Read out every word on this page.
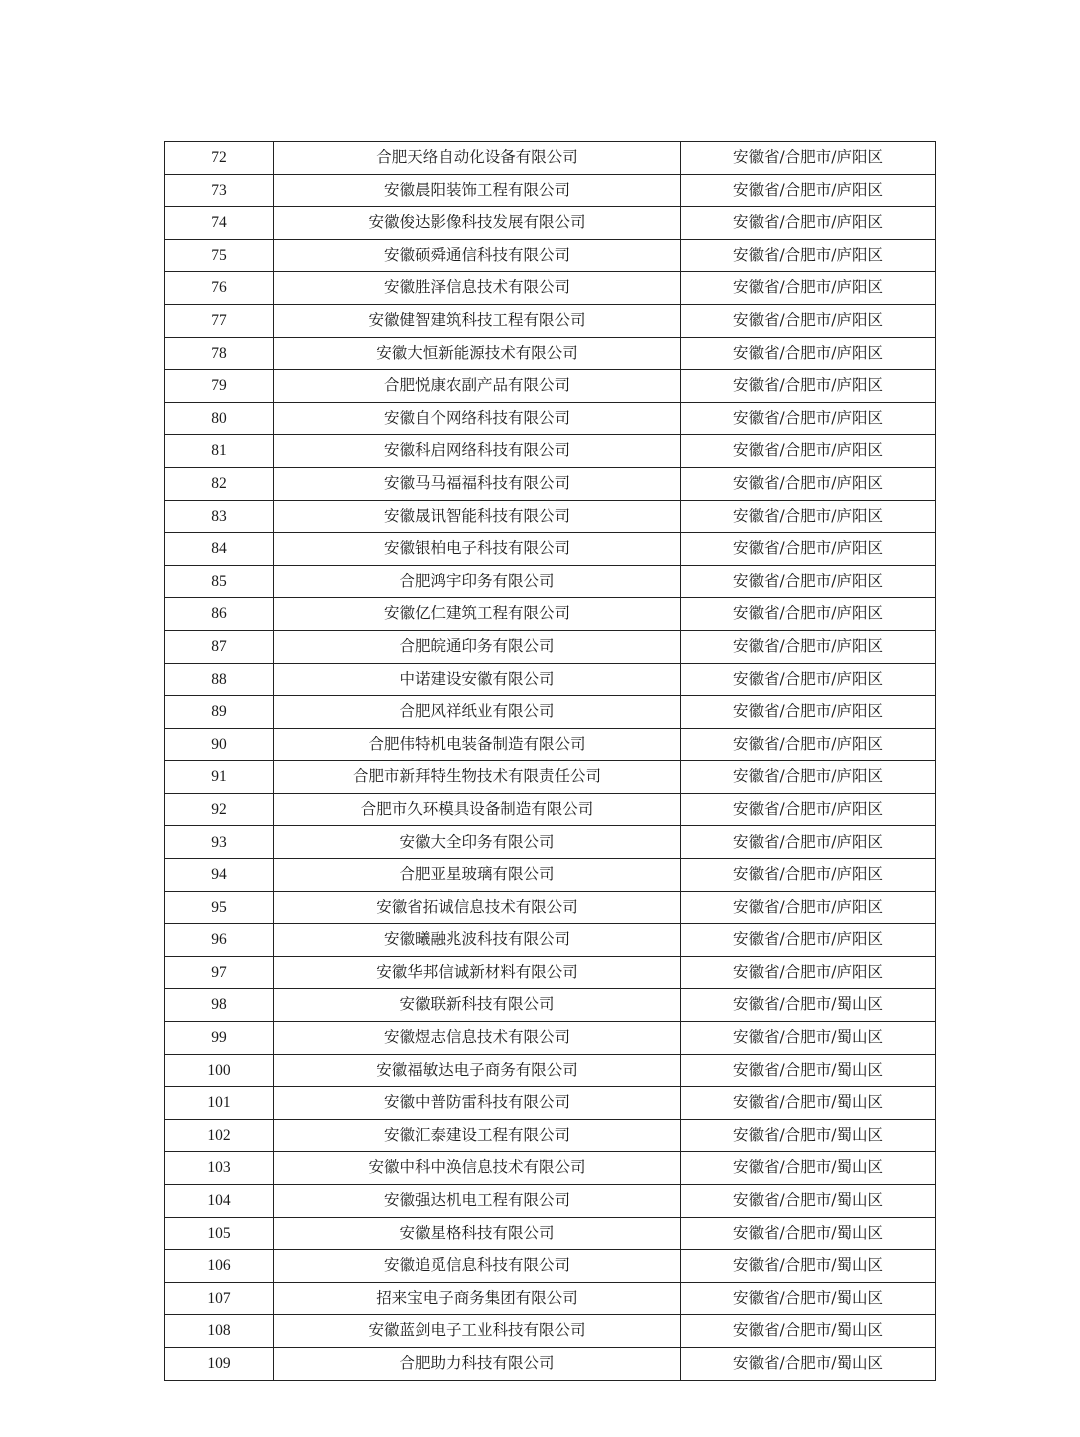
72	合肥天络自动化设备有限公司	安徽省/合肥市/庐阳区
73	安徽晨阳装饰工程有限公司	安徽省/合肥市/庐阳区
74	安徽俊达影像科技发展有限公司	安徽省/合肥市/庐阳区
75	安徽硕舜通信科技有限公司	安徽省/合肥市/庐阳区
76	安徽胜泽信息技术有限公司	安徽省/合肥市/庐阳区
77	安徽健智建筑科技工程有限公司	安徽省/合肥市/庐阳区
78	安徽大恒新能源技术有限公司	安徽省/合肥市/庐阳区
79	合肥悦康农副产品有限公司	安徽省/合肥市/庐阳区
80	安徽自个网络科技有限公司	安徽省/合肥市/庐阳区
81	安徽科启网络科技有限公司	安徽省/合肥市/庐阳区
82	安徽马马福福科技有限公司	安徽省/合肥市/庐阳区
83	安徽晟讯智能科技有限公司	安徽省/合肥市/庐阳区
84	安徽银柏电子科技有限公司	安徽省/合肥市/庐阳区
85	合肥鸿宇印务有限公司	安徽省/合肥市/庐阳区
86	安徽亿仁建筑工程有限公司	安徽省/合肥市/庐阳区
87	合肥皖通印务有限公司	安徽省/合肥市/庐阳区
88	中诺建设安徽有限公司	安徽省/合肥市/庐阳区
89	合肥风祥纸业有限公司	安徽省/合肥市/庐阳区
90	合肥伟特机电装备制造有限公司	安徽省/合肥市/庐阳区
91	合肥市新拜特生物技术有限责任公司	安徽省/合肥市/庐阳区
92	合肥市久环模具设备制造有限公司	安徽省/合肥市/庐阳区
93	安徽大全印务有限公司	安徽省/合肥市/庐阳区
94	合肥亚星玻璃有限公司	安徽省/合肥市/庐阳区
95	安徽省拓诚信息技术有限公司	安徽省/合肥市/庐阳区
96	安徽曦融兆波科技有限公司	安徽省/合肥市/庐阳区
97	安徽华邦信诚新材料有限公司	安徽省/合肥市/庐阳区
98	安徽联新科技有限公司	安徽省/合肥市/蜀山区
99	安徽煜志信息技术有限公司	安徽省/合肥市/蜀山区
100	安徽福敏达电子商务有限公司	安徽省/合肥市/蜀山区
101	安徽中普防雷科技有限公司	安徽省/合肥市/蜀山区
102	安徽汇泰建设工程有限公司	安徽省/合肥市/蜀山区
103	安徽中科中涣信息技术有限公司	安徽省/合肥市/蜀山区
104	安徽强达机电工程有限公司	安徽省/合肥市/蜀山区
105	安徽星格科技有限公司	安徽省/合肥市/蜀山区
106	安徽追觅信息科技有限公司	安徽省/合肥市/蜀山区
107	招来宝电子商务集团有限公司	安徽省/合肥市/蜀山区
108	安徽蓝剑电子工业科技有限公司	安徽省/合肥市/蜀山区
109	合肥助力科技有限公司	安徽省/合肥市/蜀山区
